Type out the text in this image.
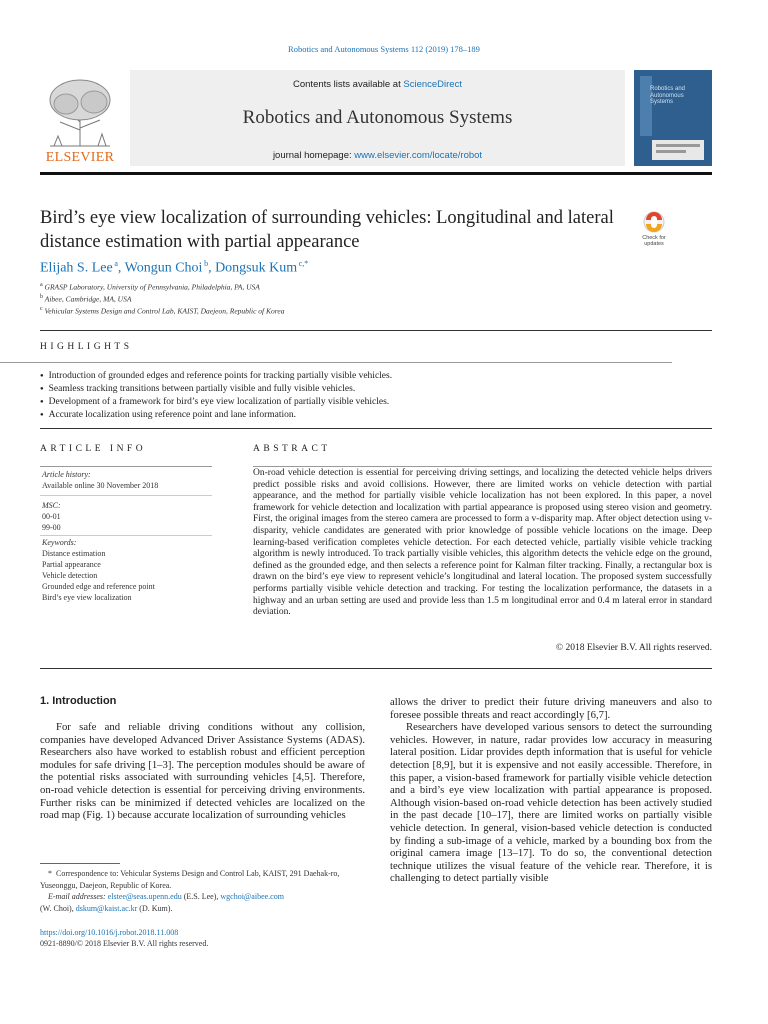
Robotics and Autonomous Systems 112 (2019) 178–189
ELSEVIER
Contents lists available at ScienceDirect
Robotics and Autonomous Systems
journal homepage: www.elsevier.com/locate/robot
Robotics and Autonomous Systems
Bird’s eye view localization of surrounding vehicles: Longitudinal and lateral distance estimation with partial appearance	Check for updates
Elijah S. Lee  $^a$, Wongun Choi  $^b$, Dongsuk Kum  $^{c,*}$
$^a$ GRASP Laboratory, University of Pennsylvania, Philadelphia, PA, USA
$^b$ Aibee, Cambridge, MA, USA
$^c$ Vehicular Systems Design and Control Lab, KAIST, Daejeon, Republic of Korea
HIGHLIGHTS
● Introduction of grounded edges and reference points for tracking partially visible vehicles.
● Seamless tracking transitions between partially visible and fully visible vehicles.
● Development of a framework for bird’s eye view localization of partially visible vehicles.
● Accurate localization using reference point and lane information.
ARTICLE INFO
Article history:
Available online 30 November 2018
MSC:
00-01
99-00
Keywords:
Distance estimation
Partial appearance
Vehicle detection
Grounded edge and reference point
Bird’s eye view localization
ABSTRACT
On-road vehicle detection is essential for perceiving driving settings, and localizing the detected vehicle helps drivers predict possible risks and avoid collisions. However, there are limited works on vehicle detection with partial appearance, and the method for partially visible vehicle localization has not been explored. In this paper, a novel framework for vehicle detection and localization with partial appearance is proposed using stereo vision and geometry. First, the original images from the stereo camera are processed to form a v-disparity map. After object detection using v-disparity, vehicle candidates are generated with prior knowledge of possible vehicle locations on the image. Deep learning-based verification completes vehicle detection. For each detected vehicle, partially visible vehicle tracking algorithm is newly introduced. To track partially visible vehicles, this algorithm detects the vehicle edge on the ground, defined as the grounded edge, and then selects a reference point for Kalman filter tracking. Finally, a rectangular box is drawn on the bird’s eye view to represent vehicle’s longitudinal and lateral location. The proposed system successfully performs partially visible vehicle detection and tracking. For testing the localization performance, the datasets in a highway and an urban setting are used and provide less than 1.5 m longitudinal error and 0.4 m lateral error in standard deviation.
© 2018 Elsevier B.V. All rights reserved.
1. Introduction
For safe and reliable driving conditions without any collision, companies have developed Advanced Driver Assistance Systems (ADAS). Researchers also have worked to establish robust and efficient perception modules for safe driving [1–3]. The perception modules should be aware of the potential risks associated with surrounding vehicles [4,5]. Therefore, on-road vehicle detection is essential for perceiving driving environments. Further risks can be minimized if detected vehicles are localized on the road map (Fig. 1) because accurate localization of surrounding vehicles

allows the driver to predict their future driving maneuvers and also to foresee possible threats and react accordingly [6,7].

Researchers have developed various sensors to detect the surrounding vehicles. However, in nature, radar provides low accuracy in measuring lateral position. Lidar provides depth information that is useful for vehicle detection [8,9], but it is expensive and not easily accessible. Therefore, in this paper, a vision-based framework for partially visible vehicle detection and a bird’s eye view localization with partial appearance is proposed. Although vision-based on-road vehicle detection has been actively studied in the past decade [10–17], there are limited works on partially visible vehicle detection. In general, vision-based vehicle detection is conducted by finding a sub-image of a vehicle, marked by a bounding box from the original camera image [13–17]. To do so, the conventional detection technique utilizes the visual feature of the vehicle rear. Therefore, it is challenging to detect partially visible

* Correspondence to: Vehicular Systems Design and Control Lab, KAIST, 291 Daehak-ro, Yuseonggu, Daejeon, Republic of Korea.
E-mail addresses: elstee@seas.upenn.edu (E.S. Lee), wgchoi@aibee.com
(W. Choi), dskum@kaist.ac.kr (D. Kum).
https://doi.org/10.1016/j.robot.2018.11.008
0921-8890/© 2018 Elsevier B.V. All rights reserved.
